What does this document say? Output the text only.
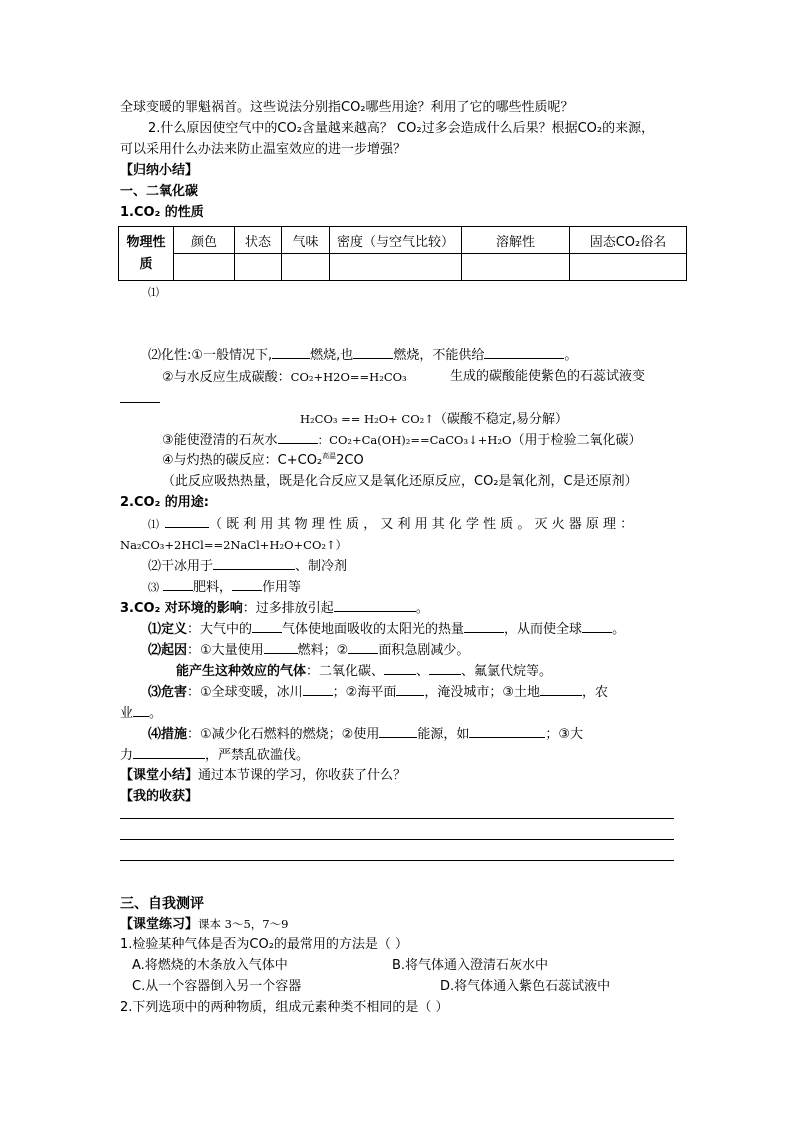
全球变暖的罪魁祸首。这些说法分别指CO₂哪些用途？利用了它的哪些性质呢？
2.什么原因使空气中的CO₂含量越来越高？ CO₂过多会造成什么后果？根据CO₂的来源，
可以采用什么办法来防止温室效应的进一步增强？
【归纳小结】
一、二氧化碳
1.CO₂ 的性质
物理性质	颜色	状态	气味	密度（与空气比较）	溶解性	固态CO₂俗名

⑴
⑵化性:①一般情况下,	燃烧,也	燃烧，不能供给	。
②与水反应生成碳酸：CO₂+H2O==H₂CO₃	生成的碳酸能使紫色的石蕊试液变
H₂CO₃ == H₂O+ CO₂↑（碳酸不稳定,易分解）
③能使澄清的石灰水	：CO₂+Ca(OH)₂==CaCO₃↓+H₂O（用于检验二氧化碳）
④与灼热的碳反应：C+CO₂$^{高温}$2CO
（此反应吸热热量，既是化合反应又是氧化还原反应，CO₂是氧化剂，C是还原剂）
2.CO₂ 的用途:
⑴	（ 既 利 用 其 物 理 性 质 ， 又 利 用 其 化 学 性 质 。 灭 火 器 原 理 ：
Na₂CO₃+2HCl==2NaCl+H₂O+CO₂↑）
⑵干冰用于	、制冷剂
⑶	肥料， 作用等
3.CO₂ 对环境的影响：过多排放引起	。
⑴定义：大气中的 气体使地面吸收的太阳光的热量	，从而使全球 。
⑵起因：①大量使用	燃料；② 面积急剧减少。
能产生这种效应的气体：二氧化碳、 、 、氟氯代烷等。
⑶危害：①全球变暖，冰川 ；②海平面 ，淹没城市；③土地	，农
业 。
⑷措施：①减少化石燃料的燃烧；②使用	能源，如	；③大
力	，严禁乱砍滥伐。
【课堂小结】通过本节课的学习，你收获了什么？
【我的收获】
三、自我测评
【课堂练习】课本 3～5，7～9
1.检验某种气体是否为CO₂的最常用的方法是（ ）
A.将燃烧的木条放入气体中	B.将气体通入澄清石灰水中
C.从一个容器倒入另一个容器	D.将气体通入紫色石蕊试液中
2.下列选项中的两种物质，组成元素种类不相同的是（ ）
